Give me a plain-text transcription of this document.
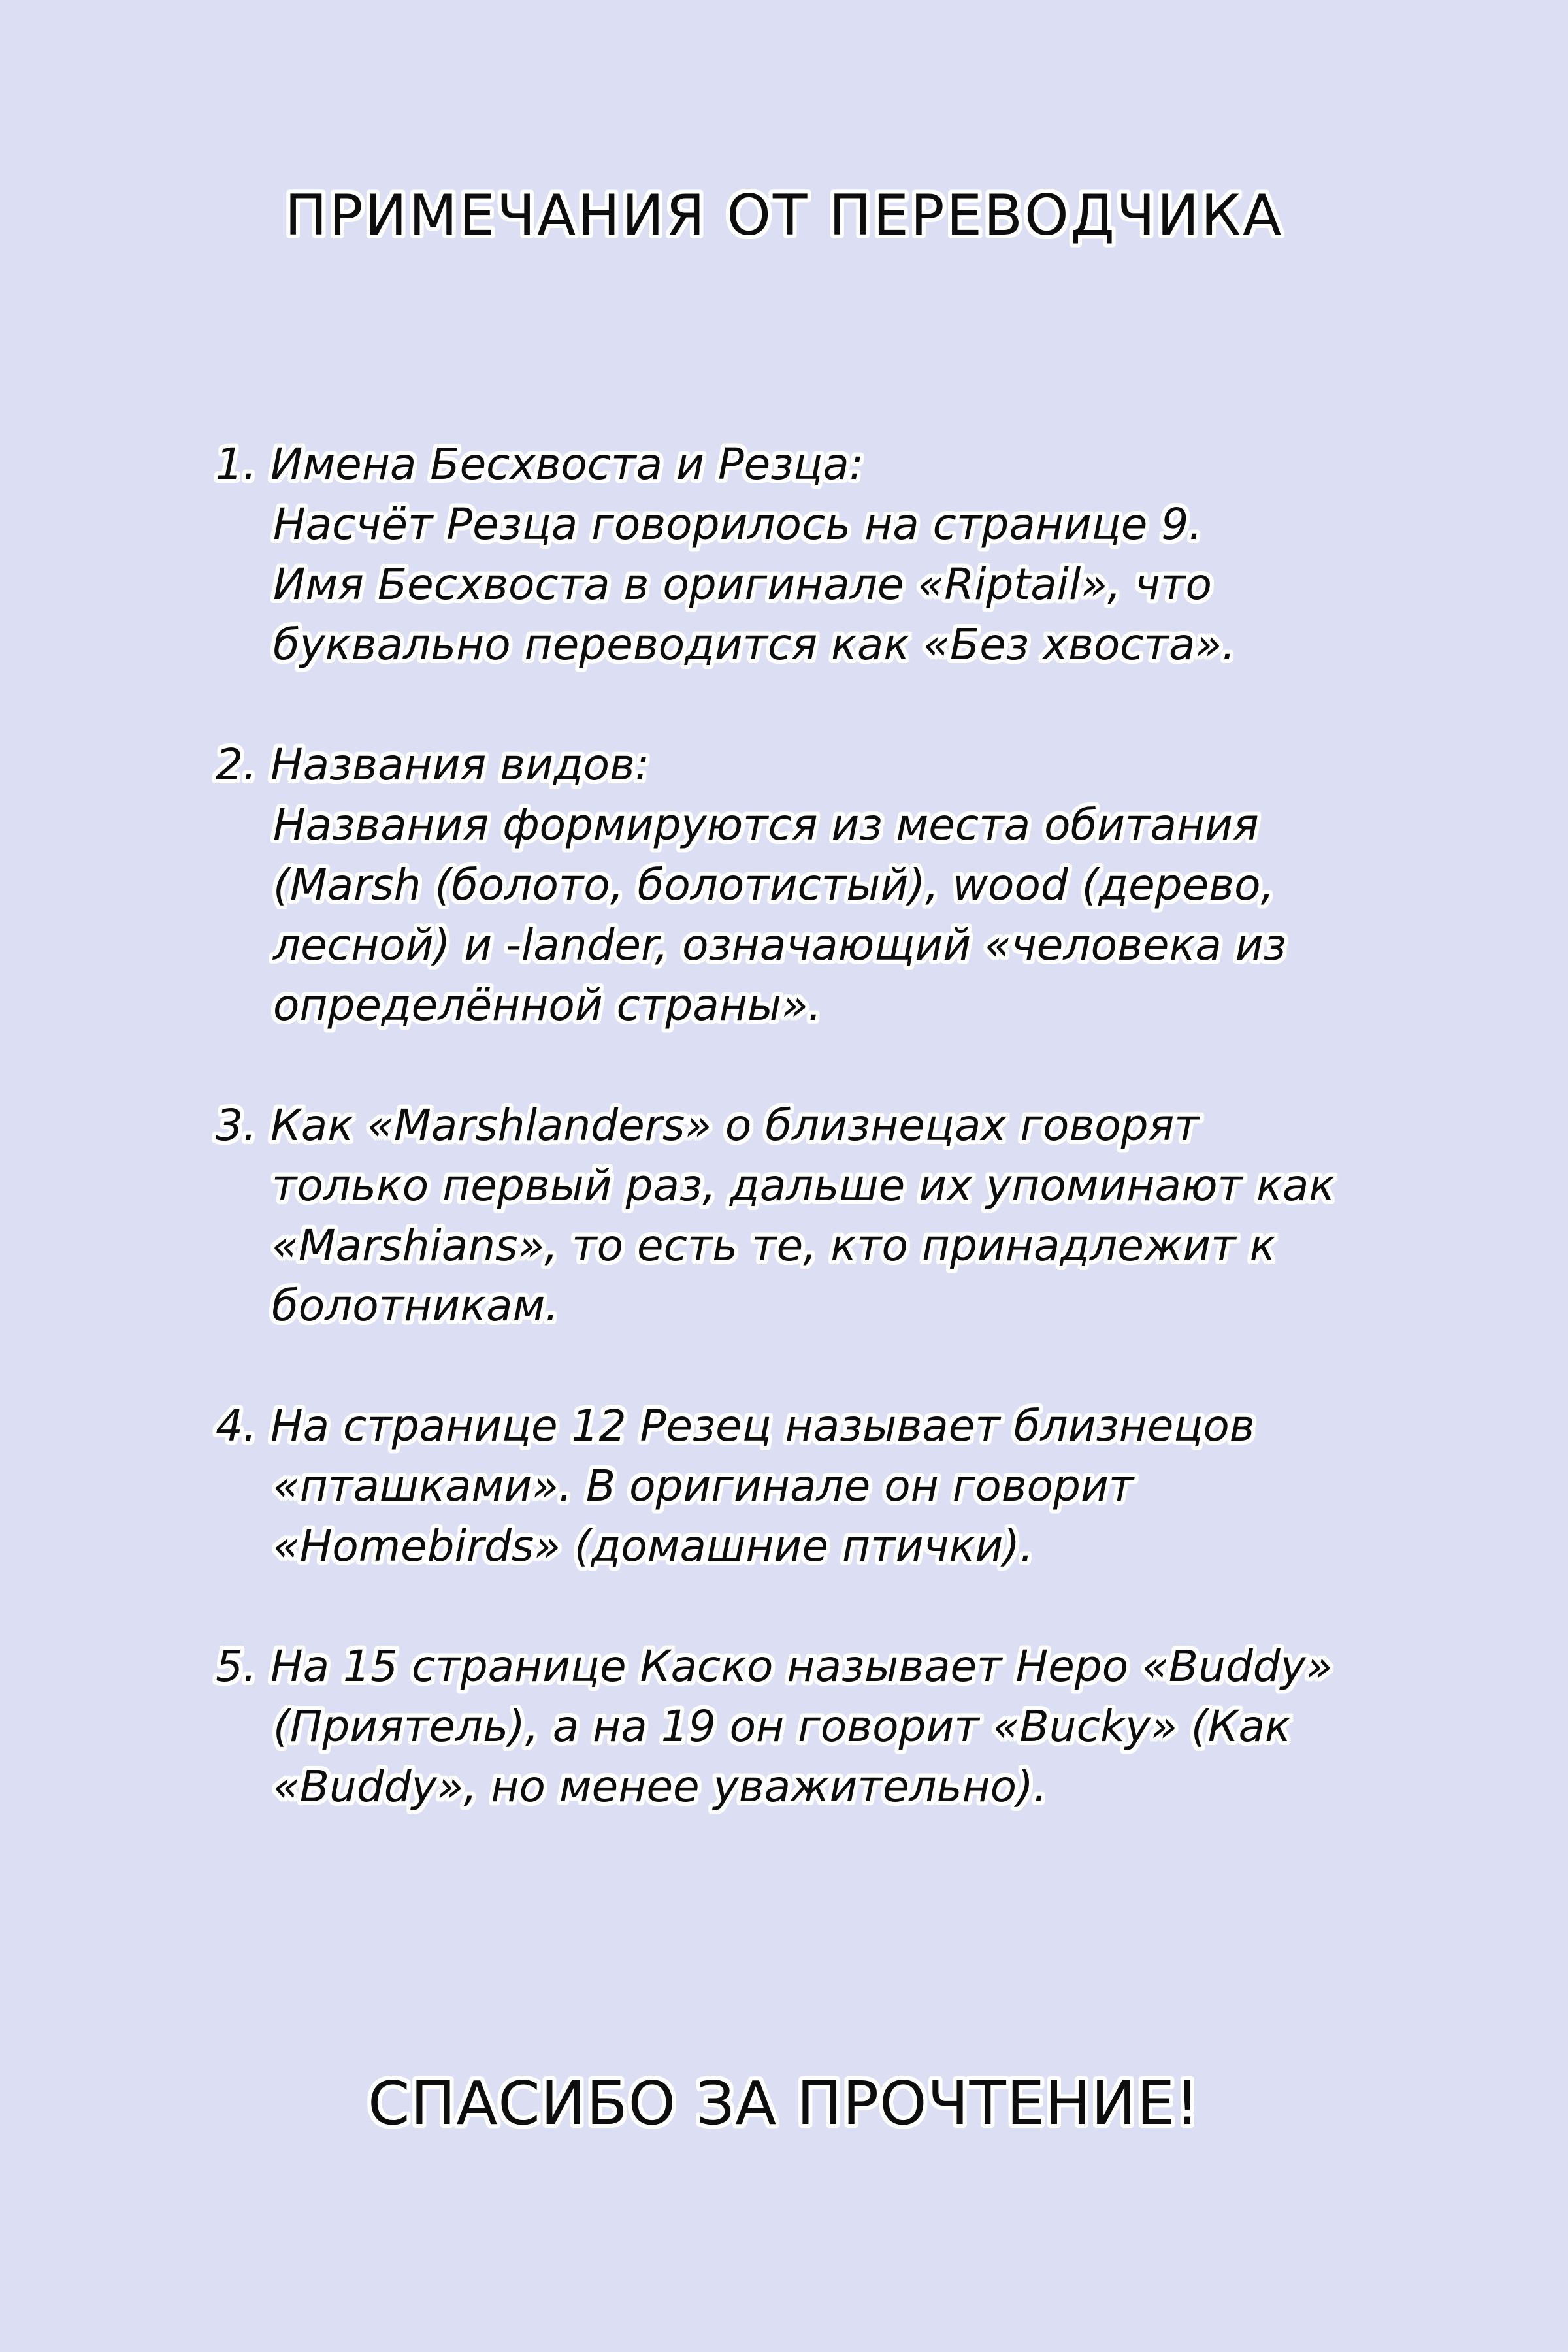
ПРИМЕЧАНИЯ ОТ ПЕРЕВОДЧИКА
1. Имена Бесхвоста и Резца:
Насчёт Резца говорилось на странице 9.
Имя Бесхвоста в оригинале «Riptail», что
буквально переводится как «Без хвоста».
2. Названия видов:
Названия формируются из места обитания
(Marsh (болото, болотистый), wood (дерево,
лесной) и -lander, означающий «человека из
определённой страны».
3. Как «Marshlanders» о близнецах говорят
только первый раз, дальше их упоминают как
«Marshians», то есть те, кто принадлежит к
болотникам.
4. На странице 12 Резец называет близнецов
«пташками». В оригинале он говорит
«Homebirds» (домашние птички).
5. На 15 странице Каско называет Неро «Buddy»
(Приятель), а на 19 он говорит «Bucky» (Как
«Buddy», но менее уважительно).
СПАСИБО ЗА ПРОЧТЕНИЕ!
